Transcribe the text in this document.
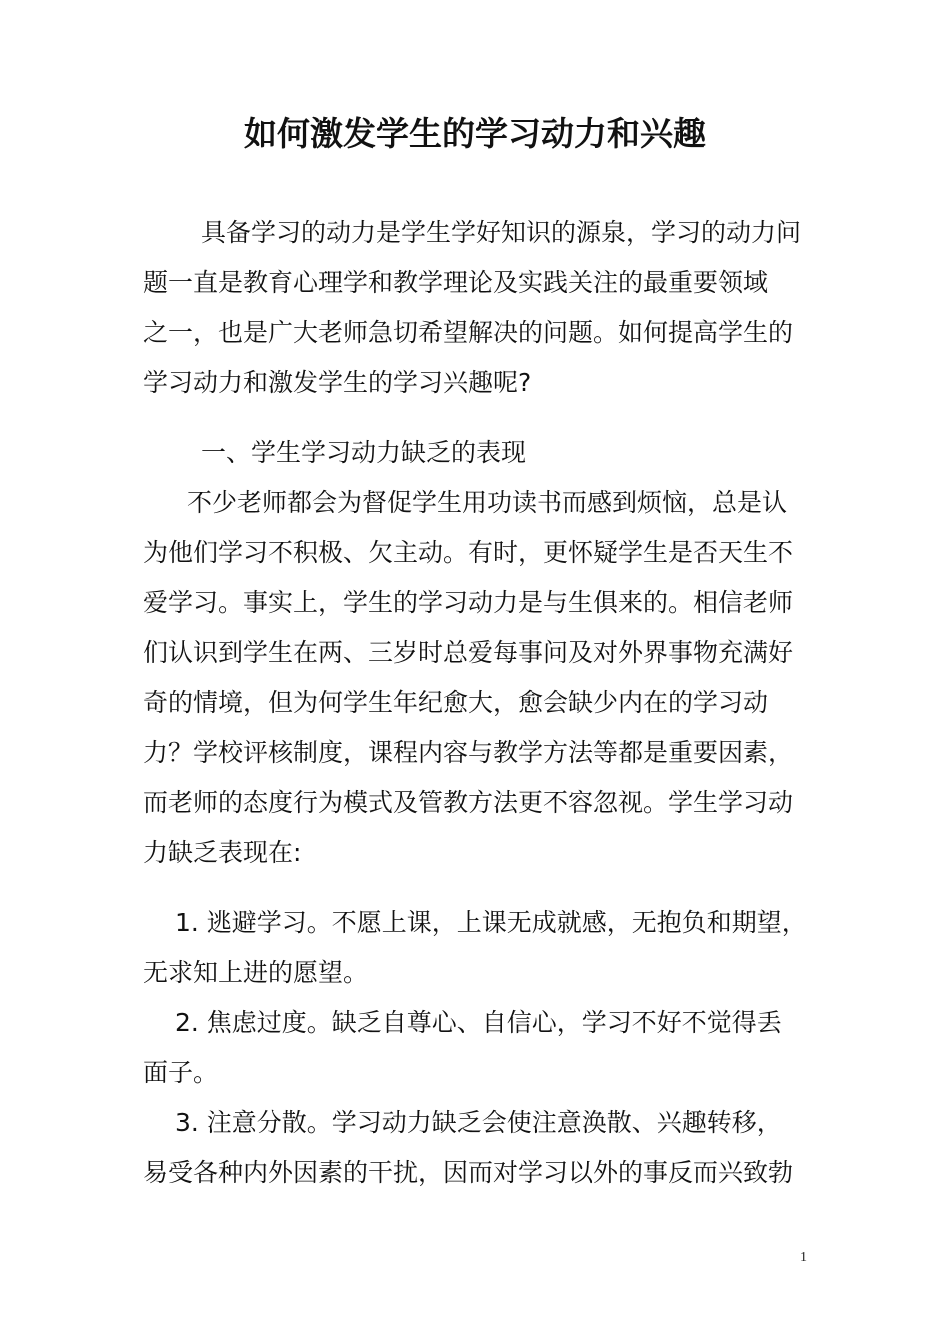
如何激发学生的学习动力和兴趣
具备学习的动力是学生学好知识的源泉，学习的动力问
题一直是教育心理学和教学理论及实践关注的最重要领域
之一，也是广大老师急切希望解决的问题。如何提高学生的
学习动力和激发学生的学习兴趣呢?
一、学生学习动力缺乏的表现
不少老师都会为督促学生用功读书而感到烦恼，总是认
为他们学习不积极、欠主动。有时，更怀疑学生是否天生不
爱学习。事实上，学生的学习动力是与生俱来的。相信老师
们认识到学生在两、三岁时总爱每事问及对外界事物充满好
奇的情境，但为何学生年纪愈大，愈会缺少内在的学习动
力？学校评核制度，课程内容与教学方法等都是重要因素，
而老师的态度行为模式及管教方法更不容忽视。学生学习动
力缺乏表现在:
1. 逃避学习。不愿上课，上课无成就感，无抱负和期望，
无求知上进的愿望。
2. 焦虑过度。缺乏自尊心、自信心，学习不好不觉得丢
面子。
3. 注意分散。学习动力缺乏会使注意涣散、兴趣转移，
易受各种内外因素的干扰，因而对学习以外的事反而兴致勃
1
